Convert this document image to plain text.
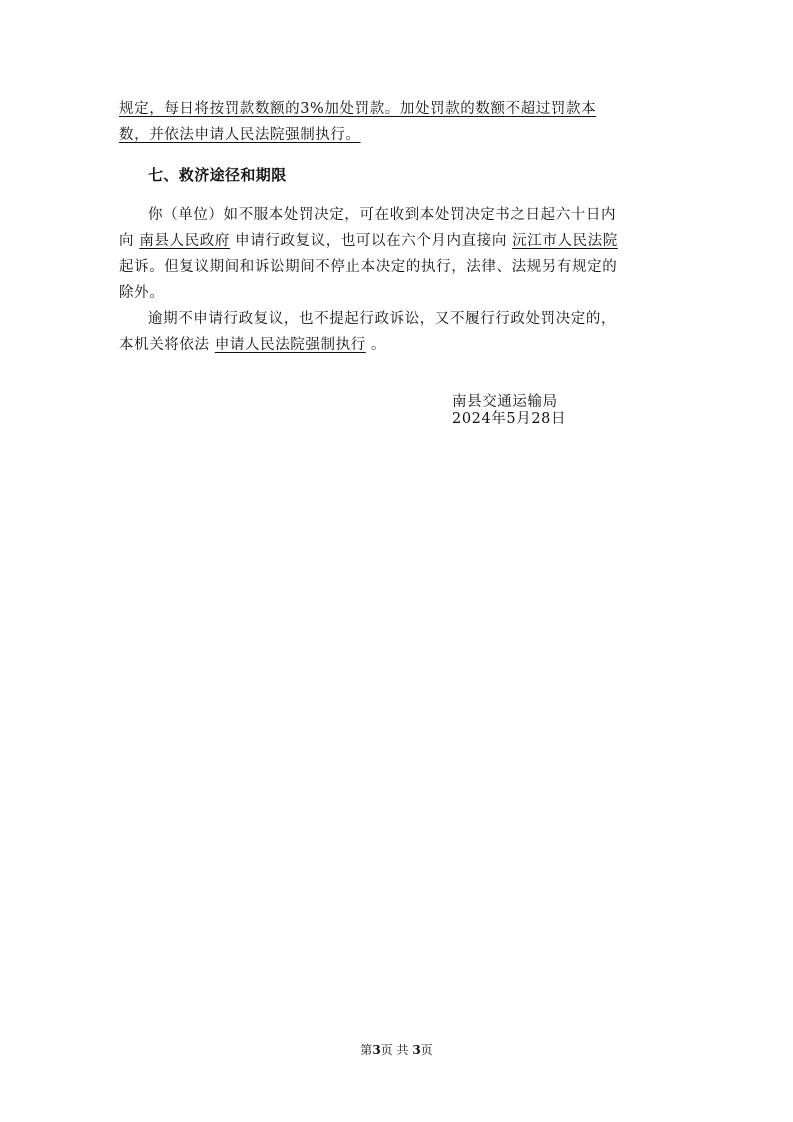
规定，每日将按罚款数额的3%加处罚款。加处罚款的数额不超过罚款本
数，并依法申请人民法院强制执行。
七、救济途径和期限
你（单位）如不服本处罚决定，可在收到本处罚决定书之日起六十日内
向 南县人民政府 申请行政复议，也可以在六个月内直接向 沅江市人民法院
起诉。但复议期间和诉讼期间不停止本决定的执行，法律、法规另有规定的
除外。
逾期不申请行政复议，也不提起行政诉讼，又不履行行政处罚决定的，
本机关将依法 申请人民法院强制执行 。
南县交通运输局
2024年5月28日
第3页 共 3页
